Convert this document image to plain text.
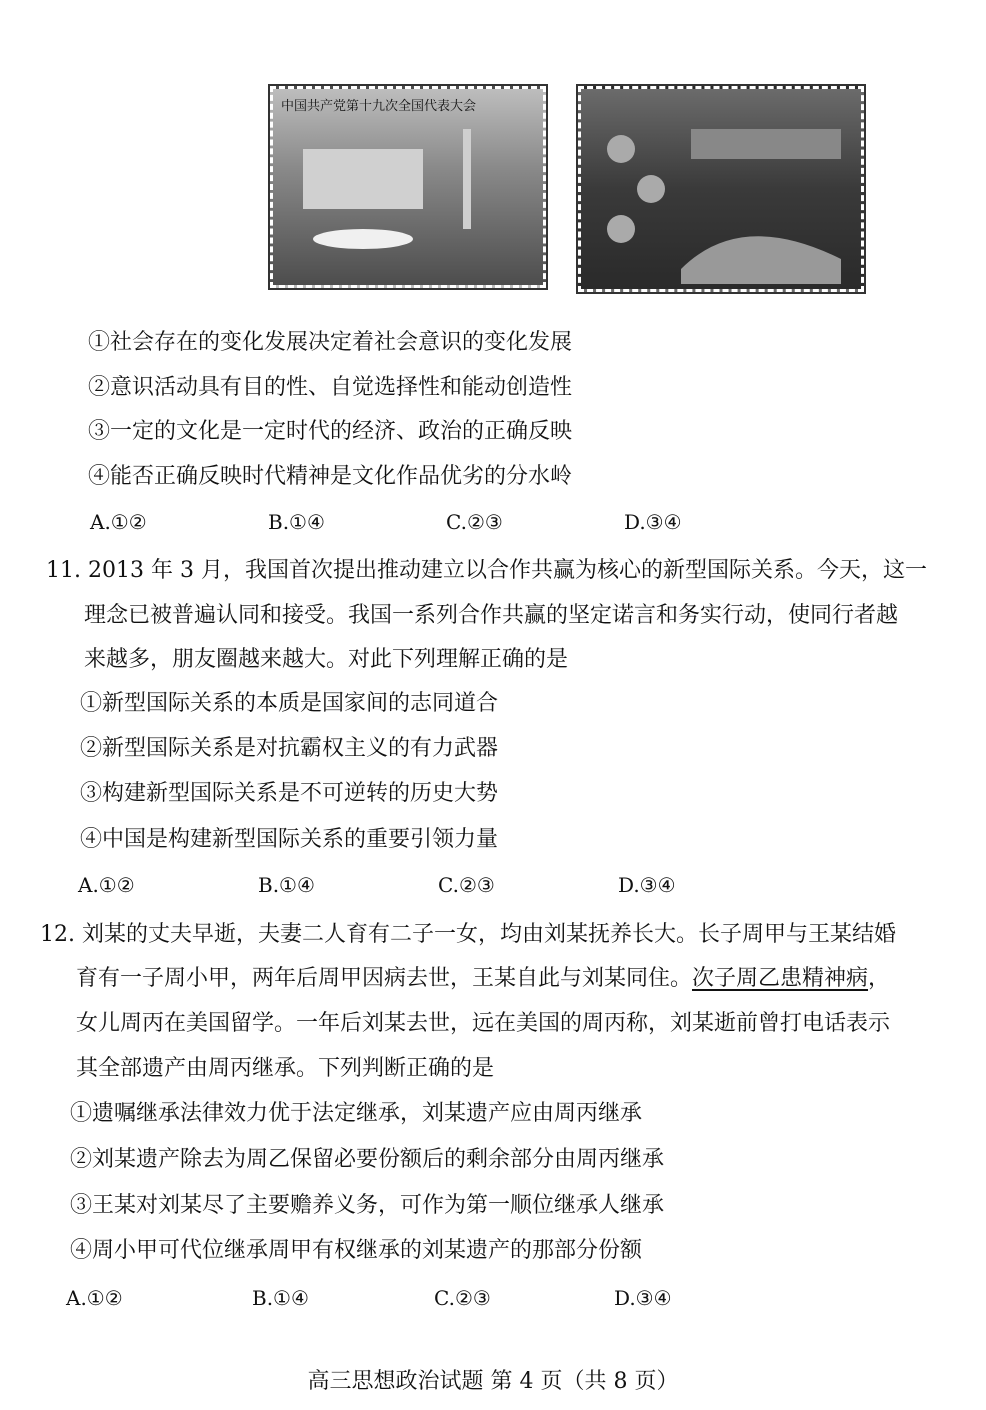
中国共产党第十九次全国代表大会
①社会存在的变化发展决定着社会意识的变化发展
②意识活动具有目的性、自觉选择性和能动创造性
③一定的文化是一定时代的经济、政治的正确反映
④能否正确反映时代精神是文化作品优劣的分水岭
A.①②	B.①④	C.②③	D.③④
11. 2013 年 3 月，我国首次提出推动建立以合作共赢为核心的新型国际关系。今天，这一
理念已被普遍认同和接受。我国一系列合作共赢的坚定诺言和务实行动，使同行者越
来越多，朋友圈越来越大。对此下列理解正确的是
①新型国际关系的本质是国家间的志同道合
②新型国际关系是对抗霸权主义的有力武器
③构建新型国际关系是不可逆转的历史大势
④中国是构建新型国际关系的重要引领力量
A.①②	B.①④	C.②③	D.③④
12. 刘某的丈夫早逝，夫妻二人育有二子一女，均由刘某抚养长大。长子周甲与王某结婚
育有一子周小甲，两年后周甲因病去世，王某自此与刘某同住。次子周乙患精神病，
女儿周丙在美国留学。一年后刘某去世，远在美国的周丙称，刘某逝前曾打电话表示
其全部遗产由周丙继承。下列判断正确的是
①遗嘱继承法律效力优于法定继承，刘某遗产应由周丙继承
②刘某遗产除去为周乙保留必要份额后的剩余部分由周丙继承
③王某对刘某尽了主要赡养义务，可作为第一顺位继承人继承
④周小甲可代位继承周甲有权继承的刘某遗产的那部分份额
A.①②	B.①④	C.②③	D.③④
高三思想政治试题 第 4 页（共 8 页）
